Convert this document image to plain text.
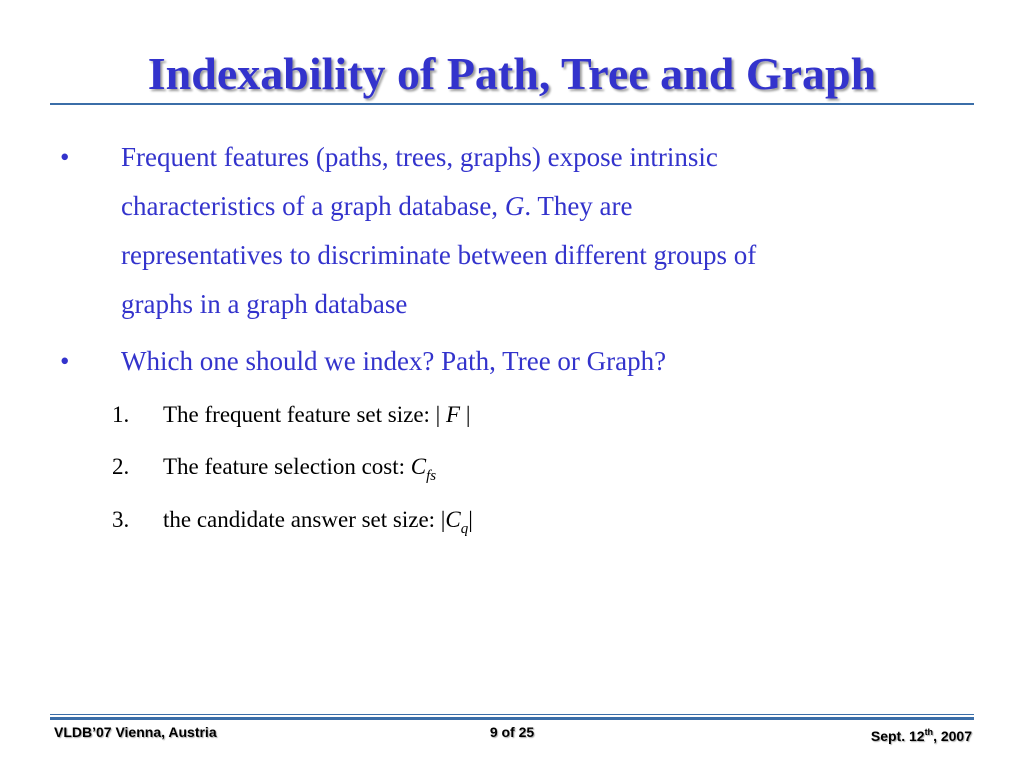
Indexability of Path, Tree and Graph
• Frequent features (paths, trees, graphs) expose intrinsic
characteristics of a graph database, G. They are
representatives to discriminate between different groups of
graphs in a graph database
• Which one should we index? Path, Tree or Graph?
1.	The frequent feature set size: | F |
2.	The feature selection cost: $C_{fs}$
3.	the candidate answer set size: $|C_q|$
VLDB’07 Vienna, Austria	9 of 25	Sept. 12th, 2007
